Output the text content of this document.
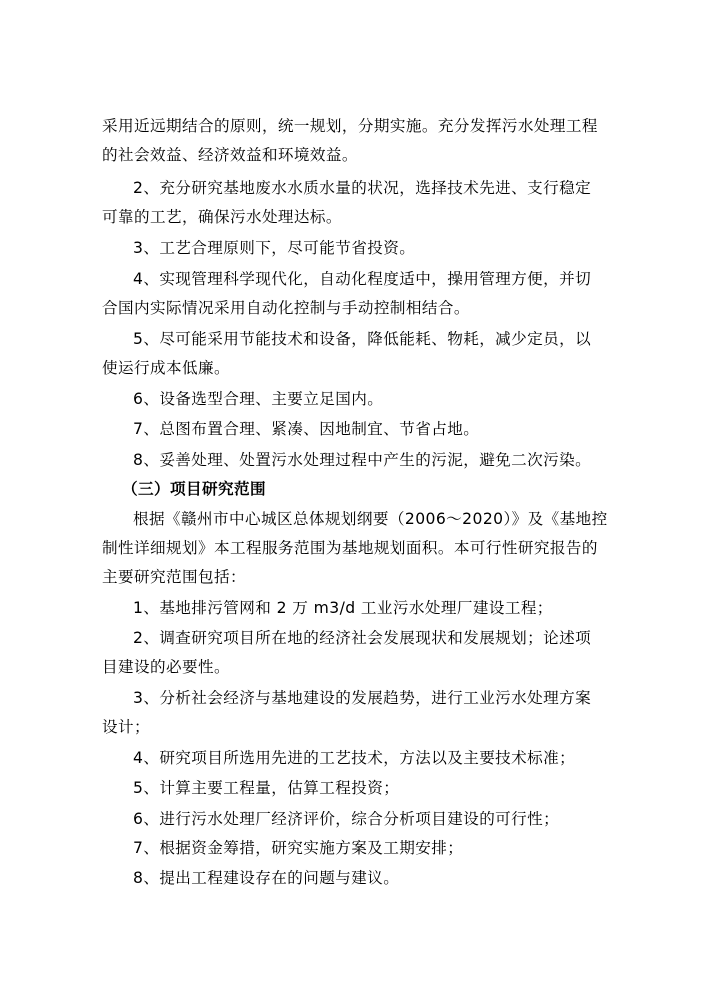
采用近远期结合的原则，统一规划，分期实施。充分发挥污水处理工程

的社会效益、经济效益和环境效益。

2、充分研究基地废水水质水量的状况，选择技术先进、支行稳定

可靠的工艺，确保污水处理达标。

3、工艺合理原则下，尽可能节省投资。

4、实现管理科学现代化，自动化程度适中，操用管理方便，并切

合国内实际情况采用自动化控制与手动控制相结合。

5、尽可能采用节能技术和设备，降低能耗、物耗，减少定员，以

使运行成本低廉。

6、设备选型合理、主要立足国内。

7、总图布置合理、紧凑、因地制宜、节省占地。

8、妥善处理、处置污水处理过程中产生的污泥，避免二次污染。

（三）项目研究范围

根据《赣州市中心城区总体规划纲要（2006～2020）》及《基地控

制性详细规划》本工程服务范围为基地规划面积。本可行性研究报告的

主要研究范围包括：

1、基地排污管网和 2 万 m3/d 工业污水处理厂建设工程；

2、调查研究项目所在地的经济社会发展现状和发展规划；论述项

目建设的必要性。

3、分析社会经济与基地建设的发展趋势，进行工业污水处理方案

设计；

4、研究项目所选用先进的工艺技术，方法以及主要技术标准；

5、计算主要工程量，估算工程投资；

6、进行污水处理厂经济评价，综合分析项目建设的可行性；

7、根据资金筹措，研究实施方案及工期安排；

8、提出工程建设存在的问题与建议。
